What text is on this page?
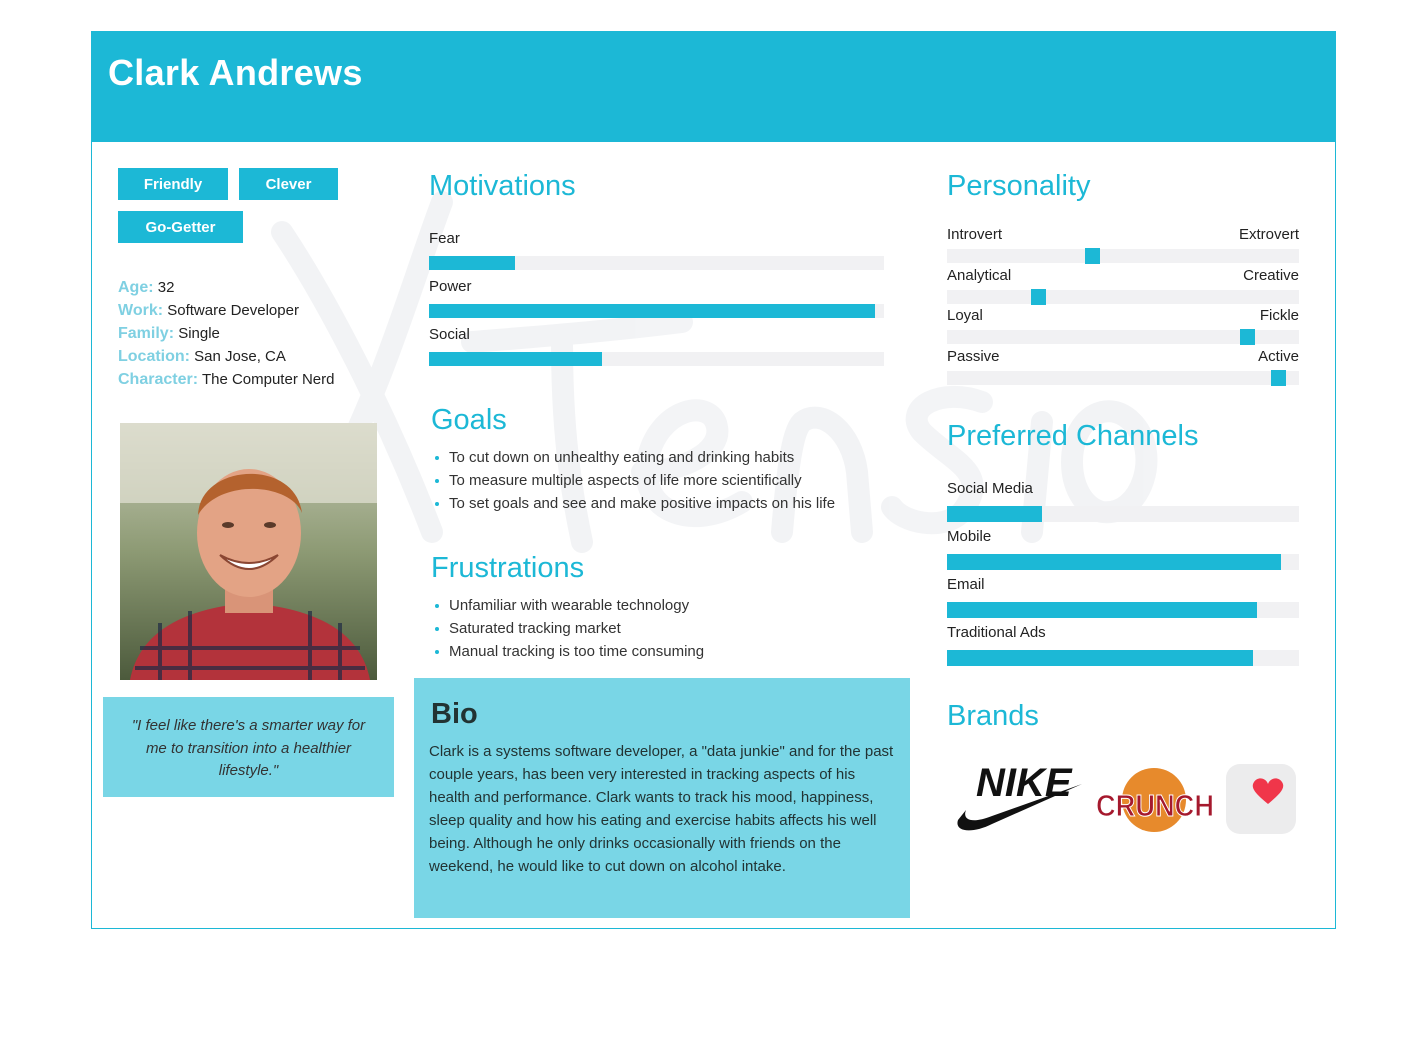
Clark Andrews
Friendly	Clever
Go-Getter
Age: 32
Work: Software Developer
Family: Single
Location: San Jose, CA
Character: The Computer Nerd
"I feel like there's a smarter way for me to transition into a healthier lifestyle."
Motivations
Fear
Power
Social
Goals
To cut down on unhealthy eating and drinking habits
To measure multiple aspects of life more scientifically
To set goals and see and make positive impacts on his life
Frustrations
Unfamiliar with wearable technology
Saturated tracking market
Manual tracking is too time consuming
Bio

Clark is a systems software developer, a "data junkie" and for the past couple years, has been very interested in tracking aspects of his health and performance. Clark wants to track his mood, happiness, sleep quality and how his eating and exercise habits affects his well being. Although he only drinks occasionally with friends on the weekend, he would like to cut down on alcohol intake.

Personality
Introvert	Extrovert
Analytical	Creative
Loyal	Fickle
Passive	Active
Preferred Channels
Social Media
Mobile
Email
Traditional Ads
Brands
NIKE
CRUNCH
